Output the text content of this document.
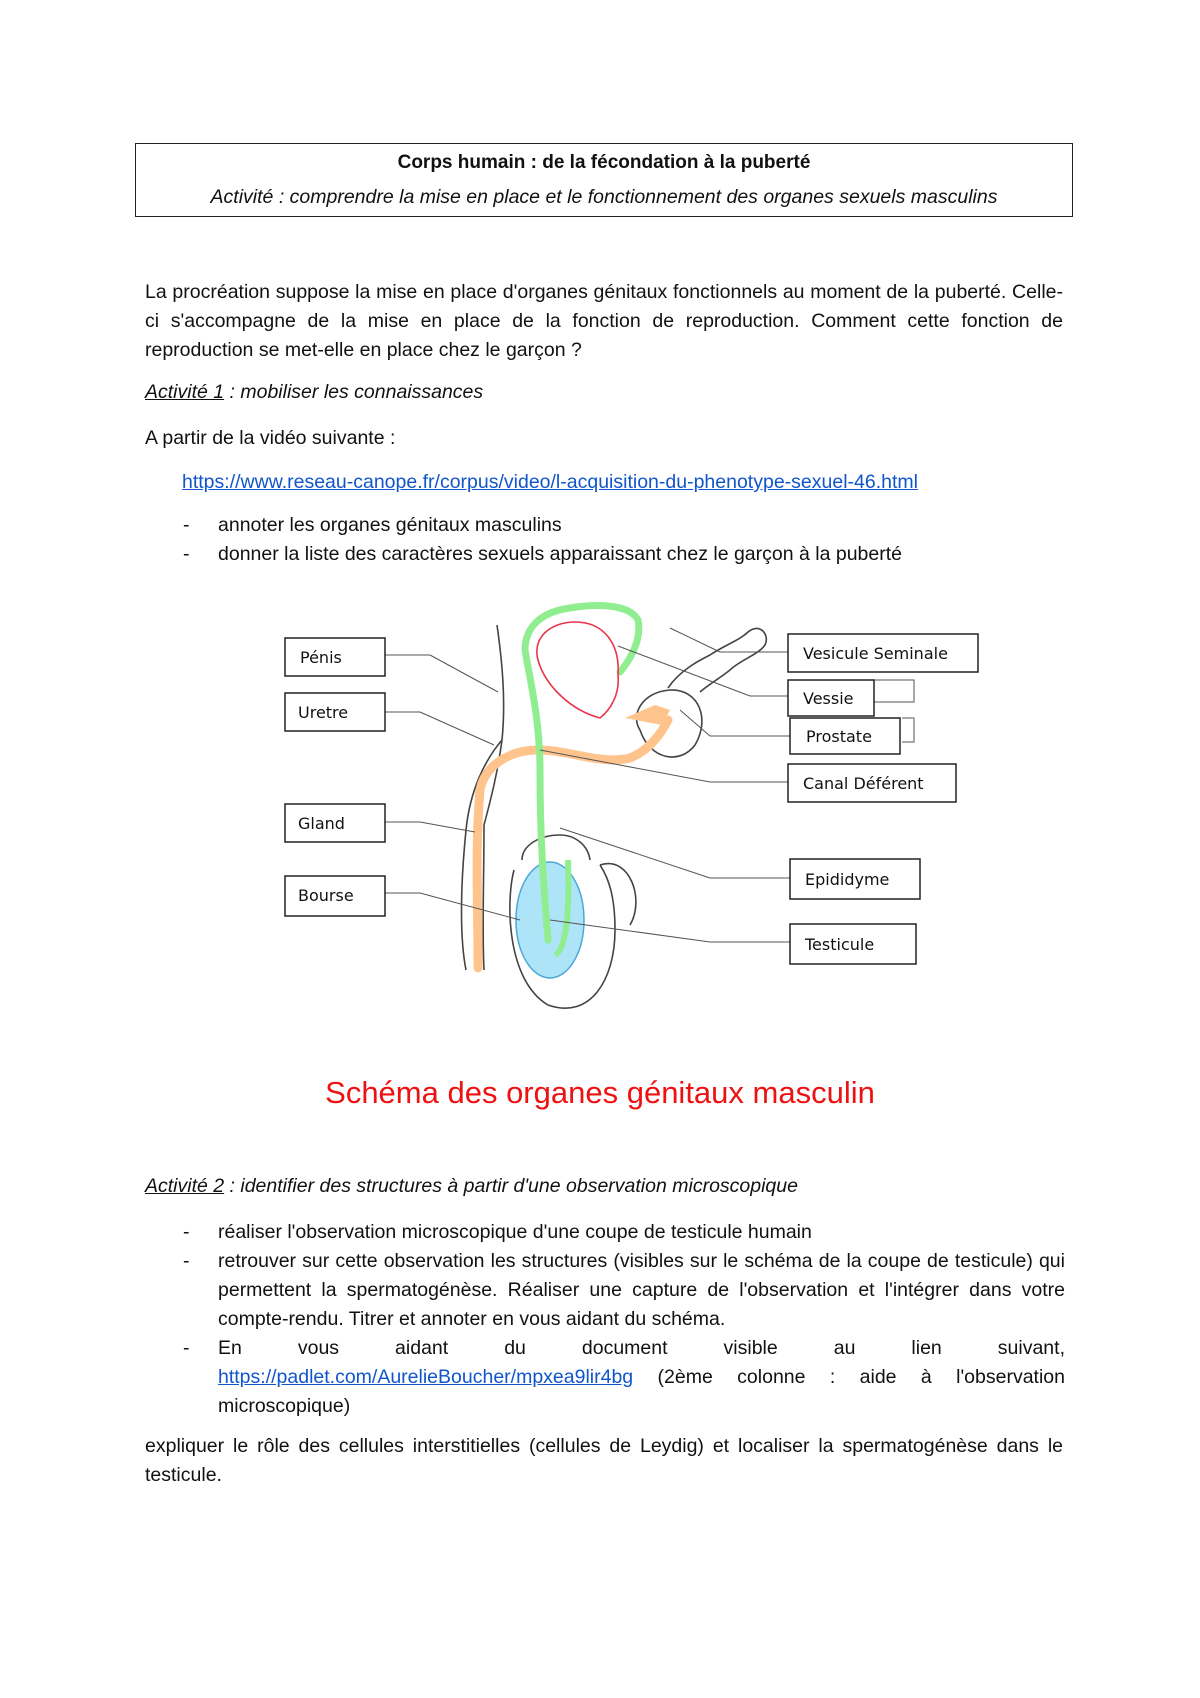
Corps humain : de la fécondation à la puberté
Activité : comprendre la mise en place et le fonctionnement des organes sexuels masculins
La procréation suppose la mise en place d'organes génitaux fonctionnels au moment de la puberté. Celle-ci s'accompagne de la mise en place de la fonction de reproduction. Comment cette fonction de reproduction se met-elle en place chez le garçon ?
Activité 1 : mobiliser les connaissances
A partir de la vidéo suivante :
https://www.reseau-canope.fr/corpus/video/l-acquisition-du-phenotype-sexuel-46.html
- annoter les organes génitaux masculins
- donner la liste des caractères sexuels apparaissant chez le garçon à la puberté
Pénis
Uretre
Gland
Bourse
Vesicule Seminale
Vessie
Prostate
Canal Déférent
Epididyme
Testicule
Schéma des organes génitaux masculin
Activité 2 : identifier des structures à partir d'une observation microscopique
- réaliser l'observation microscopique d'une coupe de testicule humain
- retrouver sur cette observation les structures (visibles sur le schéma de la coupe de testicule) qui permettent la spermatogénèse. Réaliser une capture de l'observation et l'intégrer dans votre compte-rendu. Titrer et annoter en vous aidant du schéma.
- En vous aidant du document visible au lien suivant, https://padlet.com/AurelieBoucher/mpxea9lir4bg (2ème colonne : aide à l'observation microscopique)
expliquer le rôle des cellules interstitielles (cellules de Leydig) et localiser la spermatogénèse dans le testicule.
